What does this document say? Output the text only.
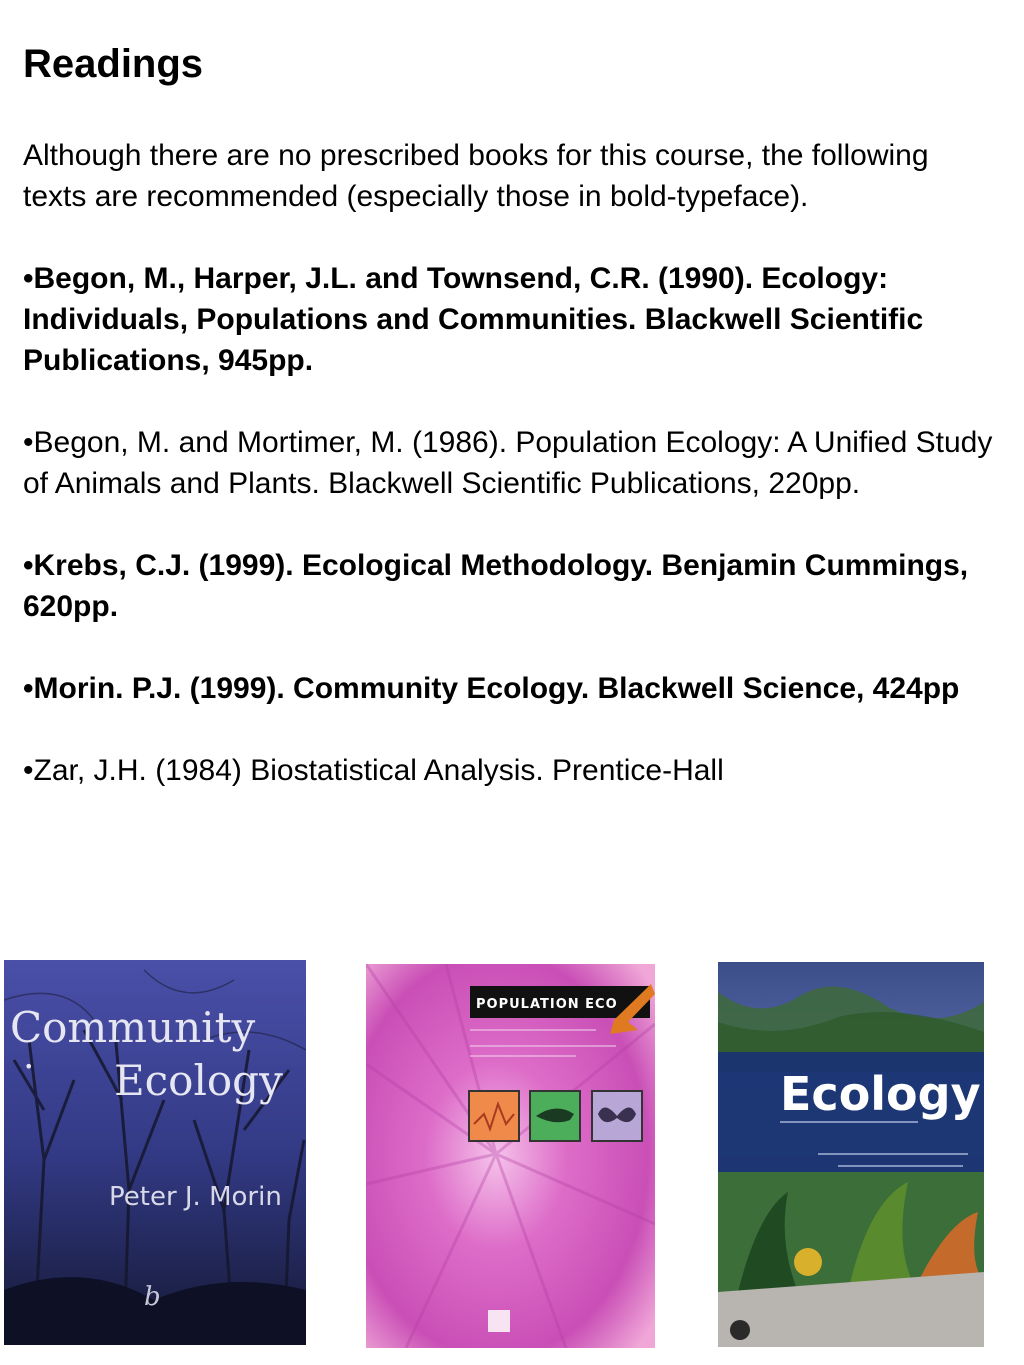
Readings

Although there are no prescribed books for this course, the following texts are recommended (especially those in bold-typeface).

•Begon, M., Harper, J.L. and Townsend, C.R. (1990). Ecology: Individuals, Populations and Communities. Blackwell Scientific Publications, 945pp.

•Begon, M. and Mortimer, M. (1986). Population Ecology: A Unified Study of Animals and Plants. Blackwell Scientific Publications, 220pp.

•Krebs, C.J. (1999). Ecological Methodology. Benjamin Cummings, 620pp.

•Morin. P.J. (1999). Community Ecology. Blackwell Science, 424pp

•Zar, J.H. (1984) Biostatistical Analysis. Prentice-Hall

Community
• Ecology
Peter J. Morin
b
POPULATION ECO
Ecology
